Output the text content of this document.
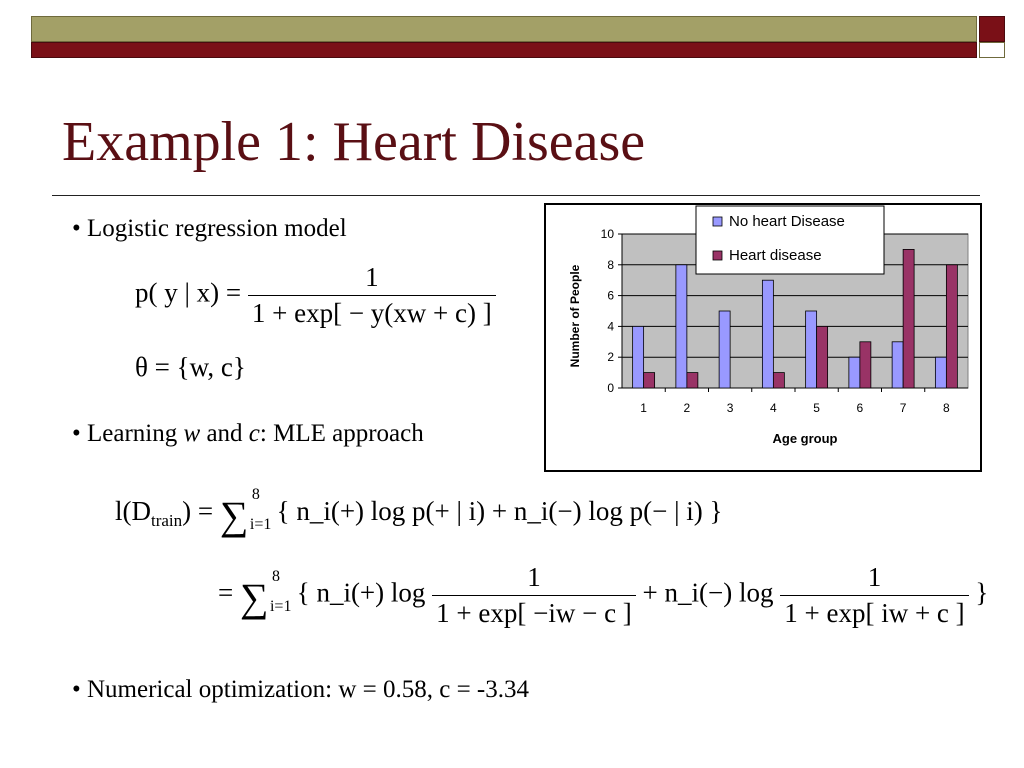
Example 1: Heart Disease
• Logistic regression model
p( y | $x) = \frac{1}{1 + \exp[ - y(xw + c) ]}$
θ = {w, c}
• Learning w and c: MLE approach
$l(D_{train})$ = ∑ 8
i=1 { n_i(+) log p(+ | i) + n_i(−) log p(− | i) }
= ∑ 8
i=1 { n_i(+) $\log \frac{1}{1 + \exp[ -iw - c ]}$ + n_i(−) $\log \frac{1}{1 + \exp[ iw + c ]}$ }
• Numerical optimization: w = 0.58, c = -3.34
0
2
4
6
8
10
1	2	3	4	5	6	7	8
Age group
Number of People
No heart Disease
Heart disease
